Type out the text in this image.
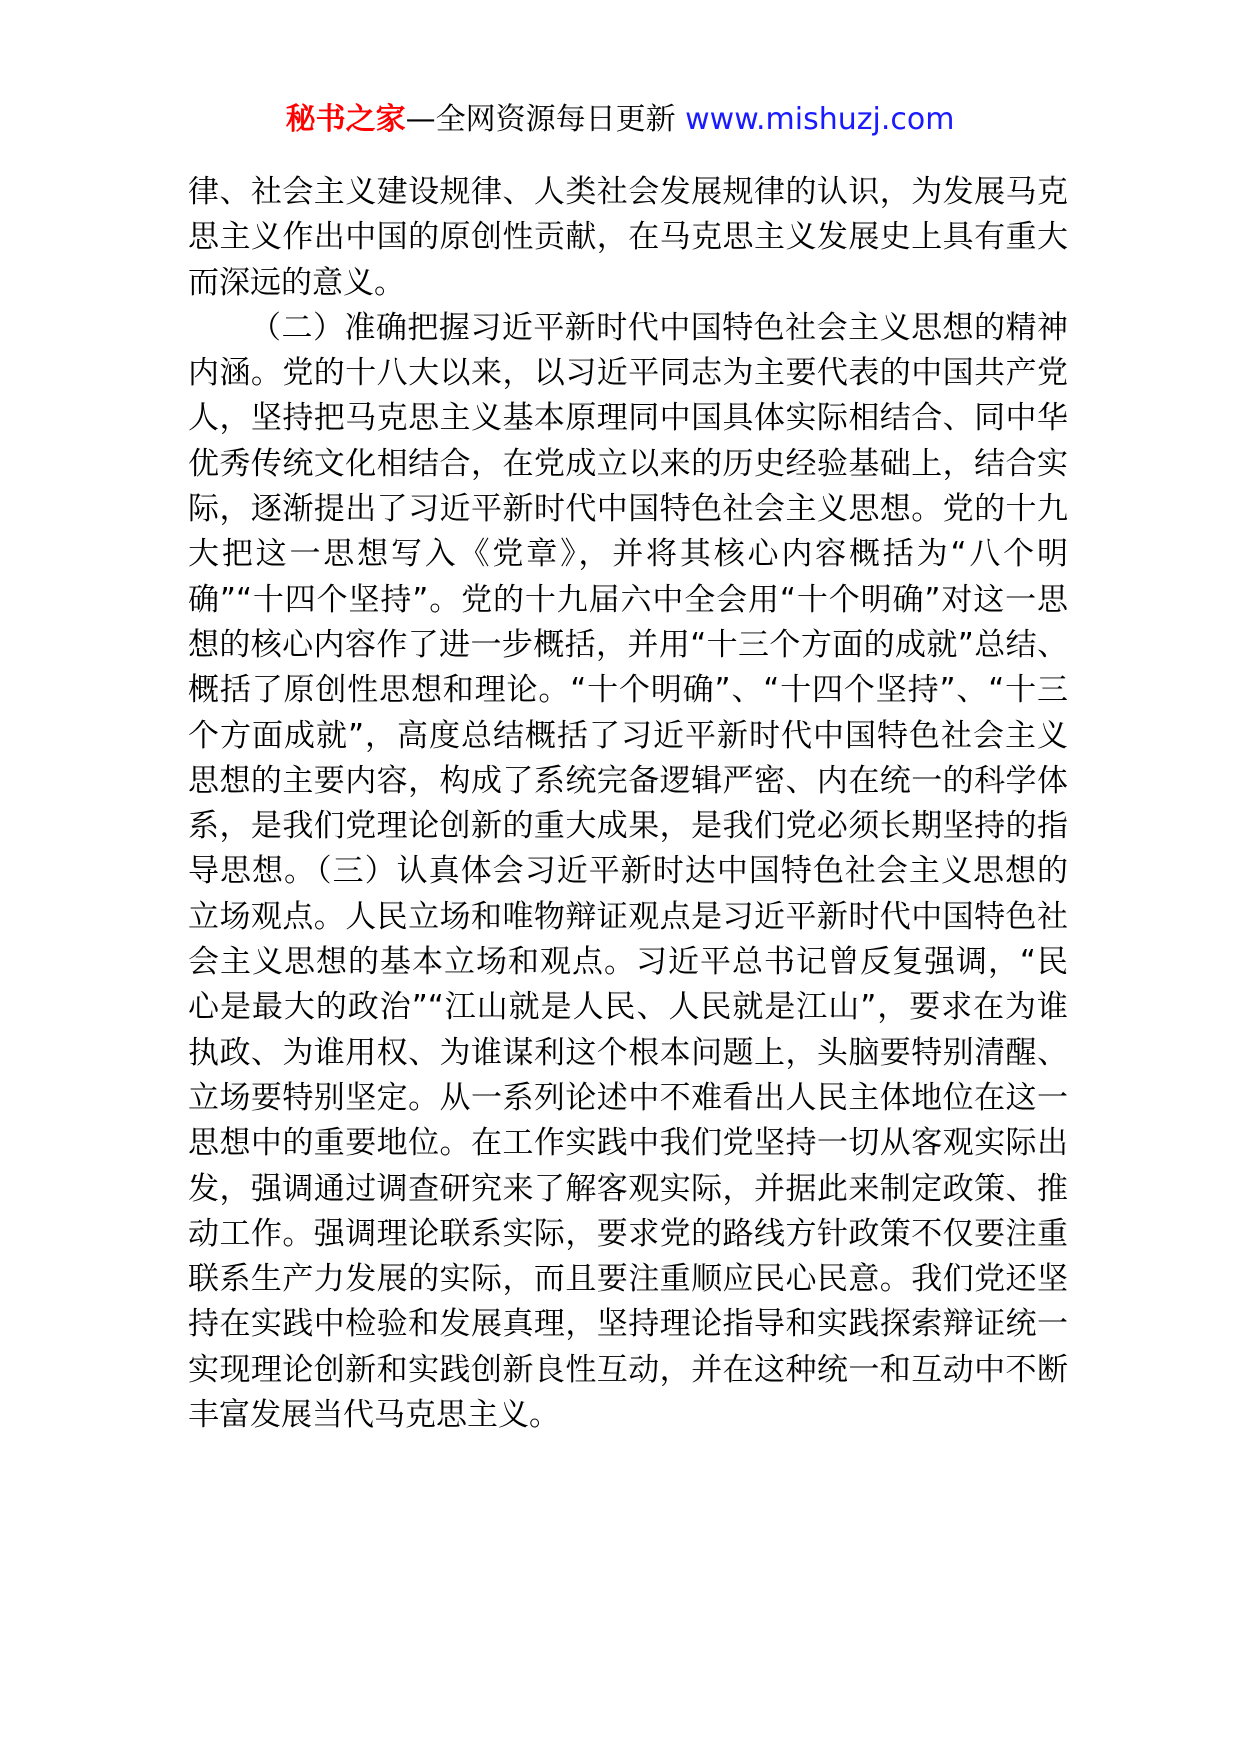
秘书之家—全网资源每日更新 www.mishuzj.com

律、社会主义建设规律、人类社会发展规律的认识，为发展马克思主义作出中国的原创性贡献，在马克思主义发展史上具有重大而深远的意义。

（二）准确把握习近平新时代中国特色社会主义思想的精神内涵。党的十八大以来，以习近平同志为主要代表的中国共产党人，坚持把马克思主义基本原理同中国具体实际相结合、同中华优秀传统文化相结合，在党成立以来的历史经验基础上，结合实际，逐渐提出了习近平新时代中国特色社会主义思想。党的十九大把这一思想写入《党章》，并将其核心内容概括为“八个明确”“十四个坚持”。党的十九届六中全会用“十个明确”对这一思想的核心内容作了进一步概括，并用“十三个方面的成就”总结、概括了原创性思想和理论。“十个明确”、“十四个坚持”、“十三个方面成就”，高度总结概括了习近平新时代中国特色社会主义思想的主要内容，构成了系统完备逻辑严密、内在统一的科学体系，是我们党理论创新的重大成果，是我们党必须长期坚持的指导思想。（三）认真体会习近平新时达中国特色社会主义思想的立场观点。人民立场和唯物辩证观点是习近平新时代中国特色社会主义思想的基本立场和观点。习近平总书记曾反复强调，“民心是最大的政治”“江山就是人民、人民就是江山”，要求在为谁执政、为谁用权、为谁谋利这个根本问题上，头脑要特别清醒、立场要特别坚定。从一系列论述中不难看出人民主体地位在这一思想中的重要地位。在工作实践中我们党坚持一切从客观实际出发，强调通过调查研究来了解客观实际，并据此来制定政策、推动工作。强调理论联系实际，要求党的路线方针政策不仅要注重联系生产力发展的实际，而且要注重顺应民心民意。我们党还坚持在实践中检验和发展真理，坚持理论指导和实践探索辩证统一实现理论创新和实践创新良性互动，并在这种统一和互动中不断丰富发展当代马克思主义。
